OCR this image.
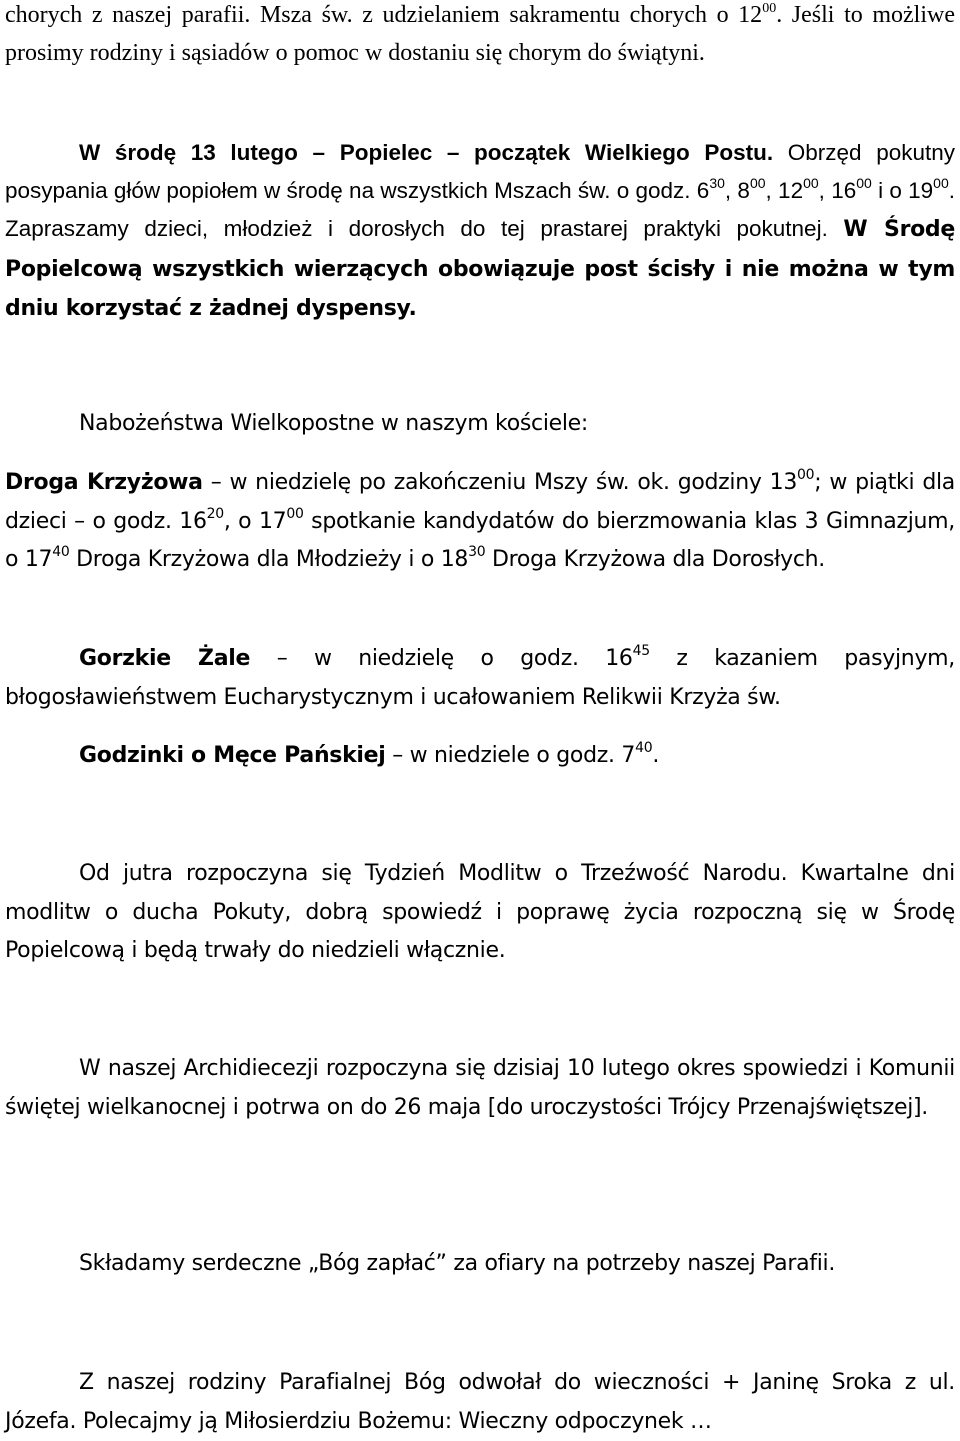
chorych z naszej parafii. Msza św. z udzielaniem sakramentu chorych o $12^{00}$. Jeśli to możliwe prosimy rodziny i sąsiadów o pomoc w dostaniu się chorym do świątyni.

W środę 13 lutego – Popielec – początek Wielkiego Postu. Obrzęd pokutny posypania głów popiołem w środę na wszystkich Mszach św. o godz. $6^{30}$, $8^{00}$, $12^{00}$, $16^{00}$ i o $19^{00}$. Zapraszamy dzieci, młodzież i dorosłych do tej prastarej praktyki pokutnej. W Środę Popielcową wszystkich wierzących obowiązuje post ścisły i nie można w tym dniu korzystać z żadnej dyspensy.

Nabożeństwa Wielkopostne w naszym kościele:

Droga Krzyżowa – w niedzielę po zakończeniu Mszy św. ok. godziny $13^{00}$; w piątki dla dzieci – o godz. $16^{20}$, o $17^{00}$ spotkanie kandydatów do bierzmowania klas 3 Gimnazjum, o $17^{40}$ Droga Krzyżowa dla Młodzieży i o $18^{30}$ Droga Krzyżowa dla Dorosłych.

Gorzkie Żale – w niedzielę o godz. $16^{45}$ z kazaniem pasyjnym, błogosławieństwem Eucharystycznym i ucałowaniem Relikwii Krzyża św.

Godzinki o Męce Pańskiej – w niedziele o godz. $7^{40}$.

Od jutra rozpoczyna się Tydzień Modlitw o Trzeźwość Narodu. Kwartalne dni modlitw o ducha Pokuty, dobrą spowiedź i poprawę życia rozpoczną się w Środę Popielcową i będą trwały do niedzieli włącznie.

W naszej Archidiecezji rozpoczyna się dzisiaj 10 lutego okres spowiedzi i Komunii świętej wielkanocnej i potrwa on do 26 maja [do uroczystości Trójcy Przenajświętszej].

Składamy serdeczne „Bóg zapłać” za ofiary na potrzeby naszej Parafii.

Z naszej rodziny Parafialnej Bóg odwołał do wieczności + Janinę Sroka z ul. Józefa. Polecajmy ją Miłosierdziu Bożemu: Wieczny odpoczynek …
